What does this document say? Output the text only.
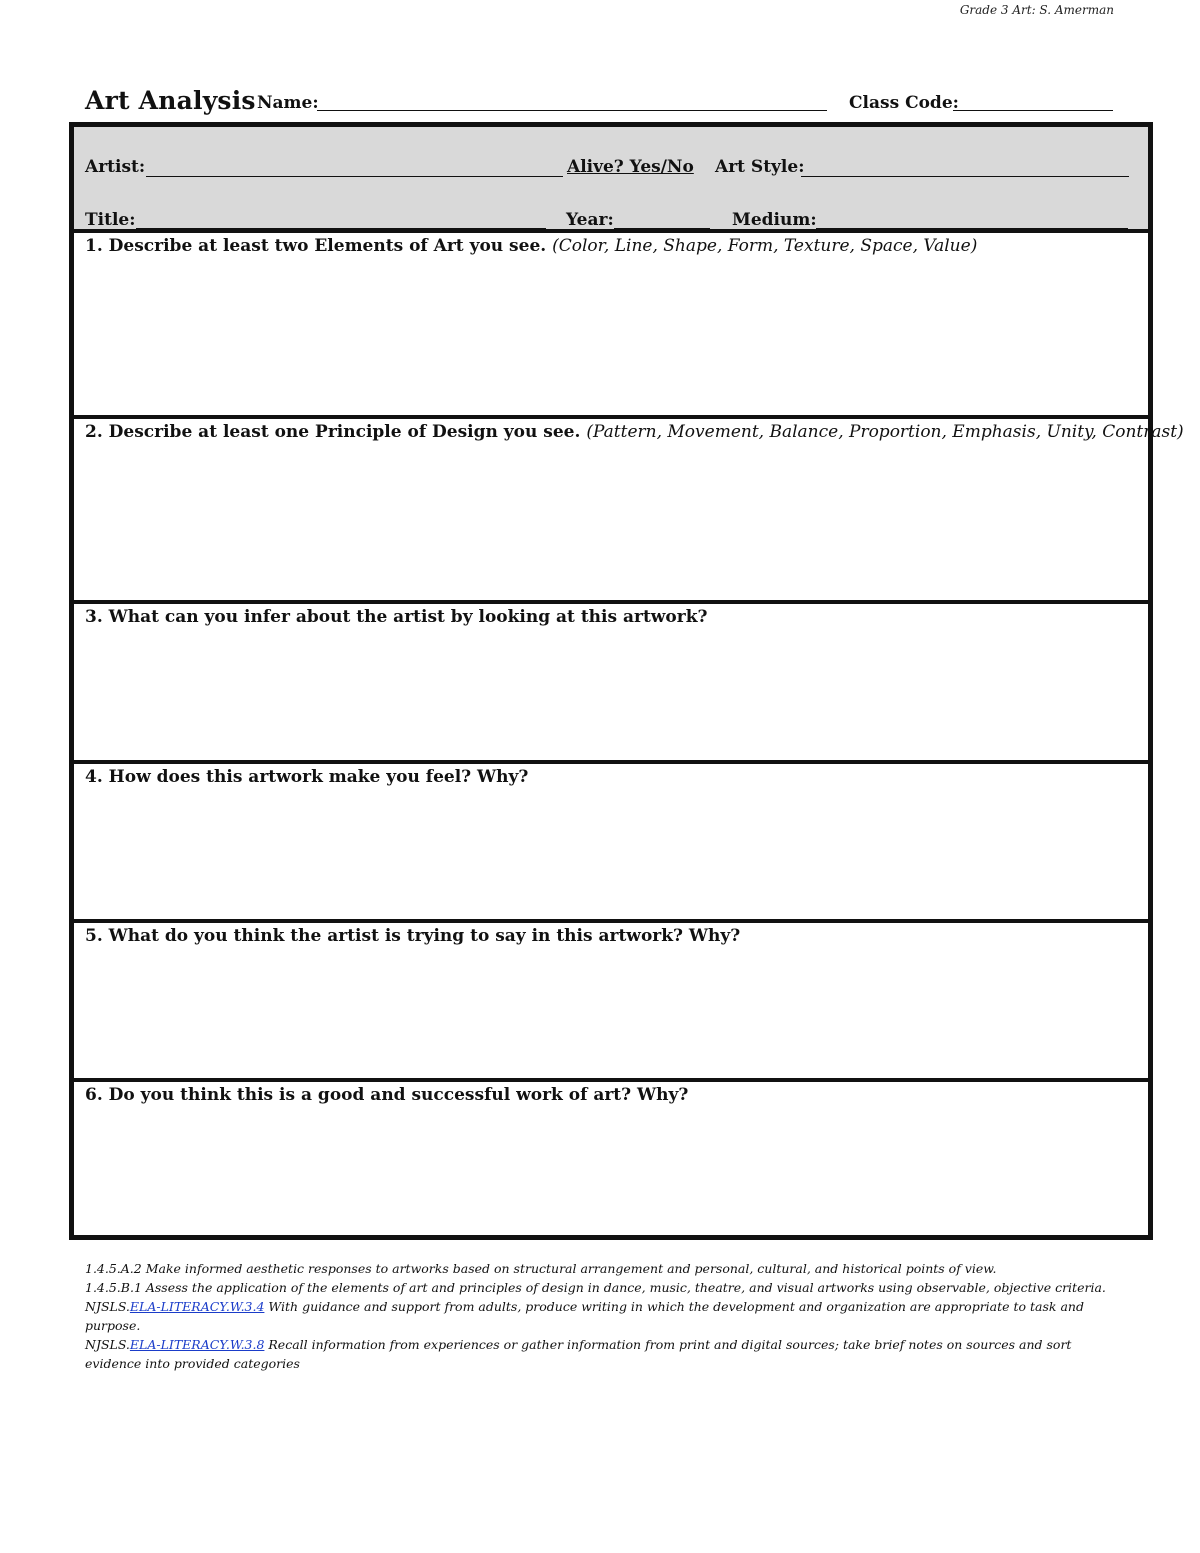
Grade 3 Art: S. Amerman
Art Analysis Name:	Class Code:
Artist:	Alive? Yes/No Art Style:
Title:	Year:	Medium:
1. Describe at least two Elements of Art you see. (Color, Line, Shape, Form, Texture, Space, Value)
2. Describe at least one Principle of Design you see. (Pattern, Movement, Balance, Proportion, Emphasis, Unity, Contrast)
3. What can you infer about the artist by looking at this artwork?
4. How does this artwork make you feel? Why?
5. What do you think the artist is trying to say in this artwork? Why?
6. Do you think this is a good and successful work of art? Why?

1.4.5.A.2 Make informed aesthetic responses to artworks based on structural arrangement and personal, cultural, and historical points of view.

1.4.5.B.1 Assess the application of the elements of art and principles of design in dance, music, theatre, and visual artworks using observable, objective criteria.

NJSLS.ELA-LITERACY.W.3.4 With guidance and support from adults, produce writing in which the development and organization are appropriate to task and purpose.

NJSLS.ELA-LITERACY.W.3.8 Recall information from experiences or gather information from print and digital sources; take brief notes on sources and sort evidence into provided categories
